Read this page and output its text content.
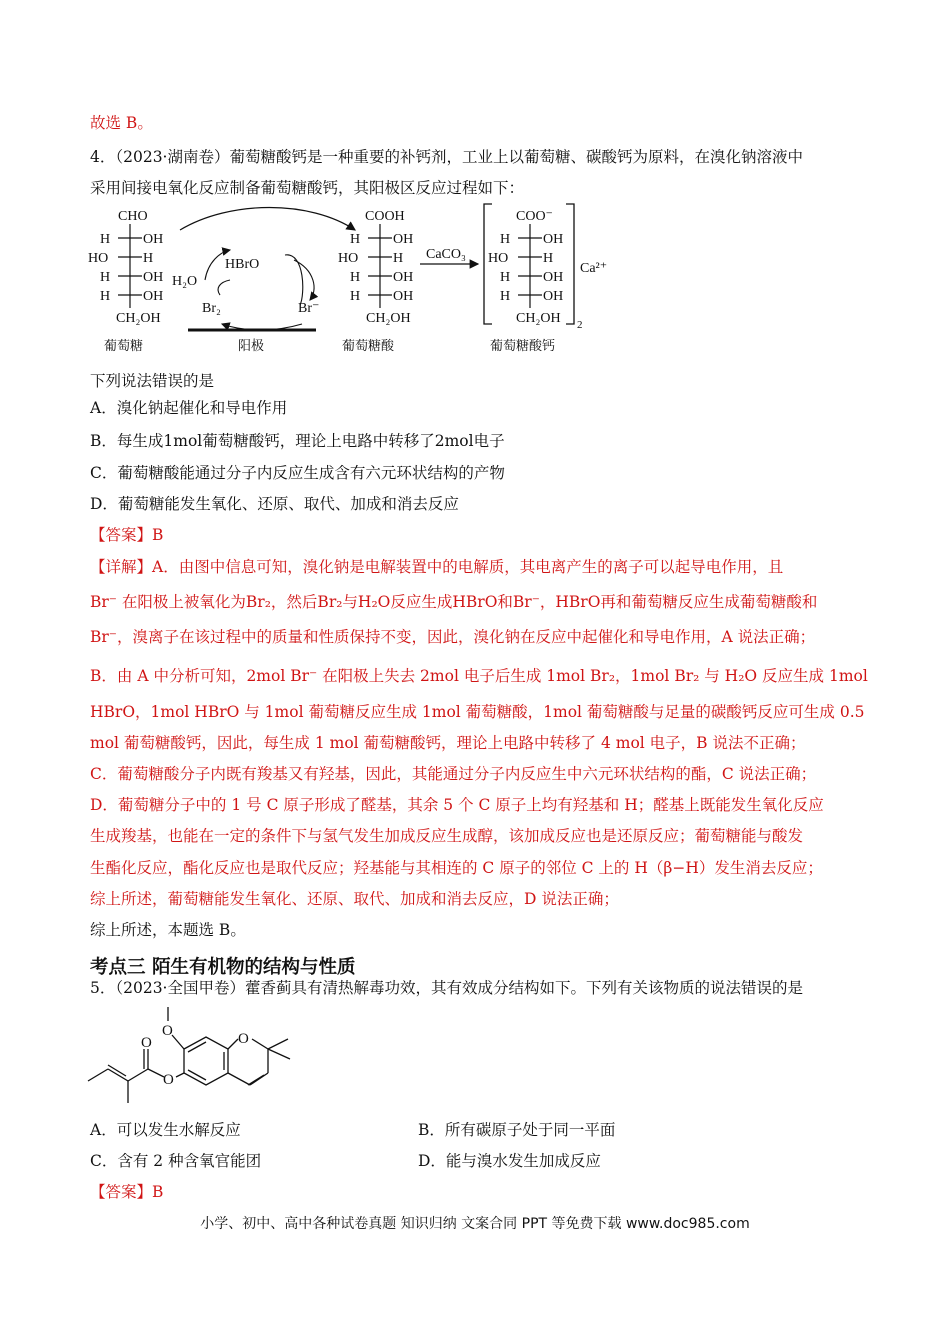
故选 B。
4．（2023·湖南卷）葡萄糖酸钙是一种重要的补钙剂，工业上以葡萄糖、碳酸钙为原料，在溴化钠溶液中
采用间接电氧化反应制备葡萄糖酸钙，其阳极区反应过程如下：
CHO
H OH
HO H
H OH
H OH
CH₂OH
葡萄糖
H₂O
HBrO
Br₂	Br⁻
阳极
COOH
H OH
HO H
H OH
H OH
CH₂OH
葡萄糖酸
CaCO₃
COO⁻
H OH
HO H
H OH
H OH
CH₂OH 2
Ca²⁺
葡萄糖酸钙
下列说法错误的是
A．溴化钠起催化和导电作用
B．每生成1mol葡萄糖酸钙，理论上电路中转移了2mol电子
C．葡萄糖酸能通过分子内反应生成含有六元环状结构的产物
D．葡萄糖能发生氧化、还原、取代、加成和消去反应
【答案】B
【详解】A．由图中信息可知，溴化钠是电解装置中的电解质，其电离产生的离子可以起导电作用，且
Br⁻ 在阳极上被氧化为Br₂，然后Br₂与H₂O反应生成HBrO和Br⁻，HBrO再和葡萄糖反应生成葡萄糖酸和
Br⁻，溴离子在该过程中的质量和性质保持不变，因此，溴化钠在反应中起催化和导电作用，A 说法正确；
B．由 A 中分析可知，2mol Br⁻ 在阳极上失去 2mol 电子后生成 1mol Br₂，1mol Br₂ 与 H₂O 反应生成 1mol
HBrO，1mol HBrO 与 1mol 葡萄糖反应生成 1mol 葡萄糖酸，1mol 葡萄糖酸与足量的碳酸钙反应可生成 0.5
mol 葡萄糖酸钙，因此，每生成 1 mol 葡萄糖酸钙，理论上电路中转移了 4 mol 电子，B 说法不正确；
C．葡萄糖酸分子内既有羧基又有羟基，因此，其能通过分子内反应生中六元环状结构的酯，C 说法正确；
D．葡萄糖分子中的 1 号 C 原子形成了醛基，其余 5 个 C 原子上均有羟基和 H；醛基上既能发生氧化反应
生成羧基，也能在一定的条件下与氢气发生加成反应生成醇，该加成反应也是还原反应；葡萄糖能与酸发
生酯化反应，酯化反应也是取代反应；羟基能与其相连的 C 原子的邻位 C 上的 H（β−H）发生消去反应；
综上所述，葡萄糖能发生氧化、还原、取代、加成和消去反应，D 说法正确；
综上所述，本题选 B。
考点三 陌生有机物的结构与性质
5．（2023·全国甲卷）藿香蓟具有清热解毒功效，其有效成分结构如下。下列有关该物质的说法错误的是
O	O
O
O
A．可以发生水解反应	B．所有碳原子处于同一平面
C．含有 2 种含氧官能团	D．能与溴水发生加成反应
【答案】B
小学、初中、高中各种试卷真题 知识归纳 文案合同 PPT 等免费下载 www.doc985.com
